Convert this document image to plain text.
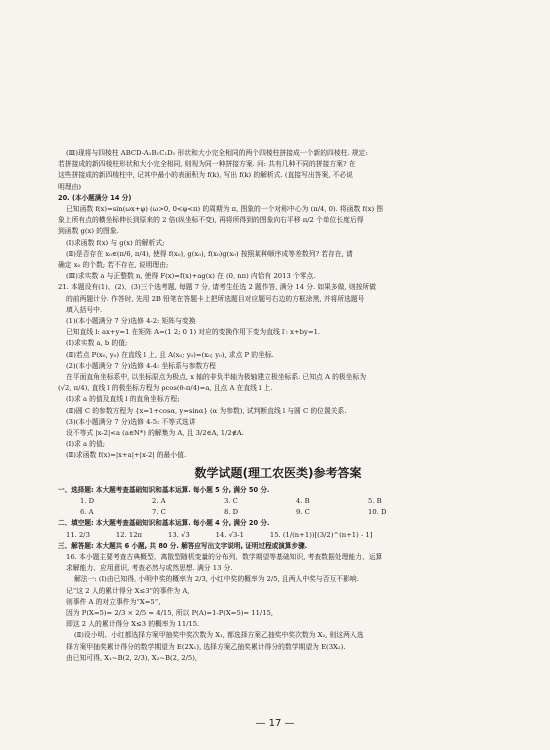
(Ⅲ)现将与四棱柱 ABCD-A₁B₁C₁D₁ 形状和大小完全相同的两个四棱柱拼接成一个新的四棱柱. 规定:
若拼接成的新四棱柱形状和大小完全相同, 则视为同一种拼接方案. 问: 共有几种不同的拼接方案? 在
这些拼接成的新四棱柱中, 记其中最小的表面积为 f(k), 写出 f(k) 的解析式. (直接写出答案, 不必说
明理由)
20. (本小题满分 14 分)
已知函数 f(x)=sin(ωx+φ) (ω>0, 0<φ<π) 的周期为 π, 图象的一个对称中心为 (π/4, 0). 将函数 f(x) 图
象上所有点的横坐标伸长到原来的 2 倍(纵坐标不变), 再将所得到的图象向右平移 π/2 个单位长度后得
到函数 g(x) 的图象.
(Ⅰ)求函数 f(x) 与 g(x) 的解析式;
(Ⅱ)是否存在 x₀∈(π/6, π/4), 使得 f(x₀), g(x₀), f(x₀)g(x₀) 按照某种顺序成等差数列? 若存在, 请
确定 x₀ 的个数; 若不存在, 说明理由;
(Ⅲ)求实数 a 与正整数 n, 使得 F(x)=f(x)+ag(x) 在 (0, nπ) 内恰有 2013 个零点.
21. 本题设有(1)、(2)、(3)三个选考题, 每题 7 分, 请考生任选 2 题作答, 满分 14 分. 如果多做, 则按所做
的前两题计分. 作答时, 先用 2B 铅笔在答题卡上把所选题目对应题号右边的方框涂黑, 并将所选题号
填入括号中.
(1)(本小题满分 7 分)选修 4-2: 矩阵与变换
已知直线 l: ax+y=1 在矩阵 A=(1 2; 0 1) 对应的变换作用下变为直线 l′: x+by=1.
(Ⅰ)求实数 a, b 的值;
(Ⅱ)若点 P(x₀, y₀) 在直线 l 上, 且 A(x₀; y₀)=(x₀; y₀), 求点 P 的坐标.
(2)(本小题满分 7 分)选修 4-4: 坐标系与参数方程
在平面直角坐标系中, 以坐标原点为极点, x 轴的非负半轴为极轴建立极坐标系. 已知点 A 的极坐标为
(√2, π/4), 直线 l 的极坐标方程为 ρcos(θ-π/4)=a, 且点 A 在直线 l 上.
(Ⅰ)求 a 的值及直线 l 的直角坐标方程;
(Ⅱ)圆 C 的参数方程为 {x=1+cosα, y=sinα} (α 为参数), 试判断直线 l 与圆 C 的位置关系.
(3)(本小题满分 7 分)选修 4-5: 不等式选讲
设不等式 |x-2|<a (a∈N*) 的解集为 A, 且 3/2∈A, 1/2∉A.
(Ⅰ)求 a 的值;
(Ⅱ)求函数 f(x)=|x+a|+|x-2| 的最小值.
数学试题(理工农医类)参考答案
一、选择题: 本大题考查基础知识和基本运算. 每小题 5 分, 满分 50 分.
1. D	2. A	3. C	4. B	5. B
6. A	7. C	8. D	9. C	10. D
二、填空题: 本大题考查基础知识和基本运算. 每小题 4 分, 满分 20 分.
11. 2/3	12. 12π	13. √3	14. √3-1	15. (1/(n+1))[(3/2)^(n+1) - 1]
三、解答题: 本大题共 6 小题, 共 80 分. 解答应写出文字说明, 证明过程或演算步骤.
16. 本小题主要考查古典概型、离散型随机变量的分布列、数学期望等基础知识, 考查数据处理能力、运算
求解能力、应用意识, 考查必然与或然思想. 满分 13 分.
解法一: (Ⅰ)由已知得, 小明中奖的概率为 2/3, 小红中奖的概率为 2/5, 且两人中奖与否互不影响.
记“这 2 人的累计得分 X≤3”的事件为 A,
则事件 A 的对立事件为“X=5”,
因为 P(X=5)= 2/3 × 2/5 = 4/15, 所以 P(A)=1-P(X=5)= 11/15,
即这 2 人的累计得分 X≤3 的概率为 11/15.
(Ⅱ)设小明、小红都选择方案甲抽奖中奖次数为 X₁, 都选择方案乙抽奖中奖次数为 X₂, 则这两人选
择方案甲抽奖累计得分的数学期望为 E(2X₁), 选择方案乙抽奖累计得分的数学期望为 E(3X₂).
由已知可得, X₁~B(2, 2/3), X₂~B(2, 2/5),
— 17 —
